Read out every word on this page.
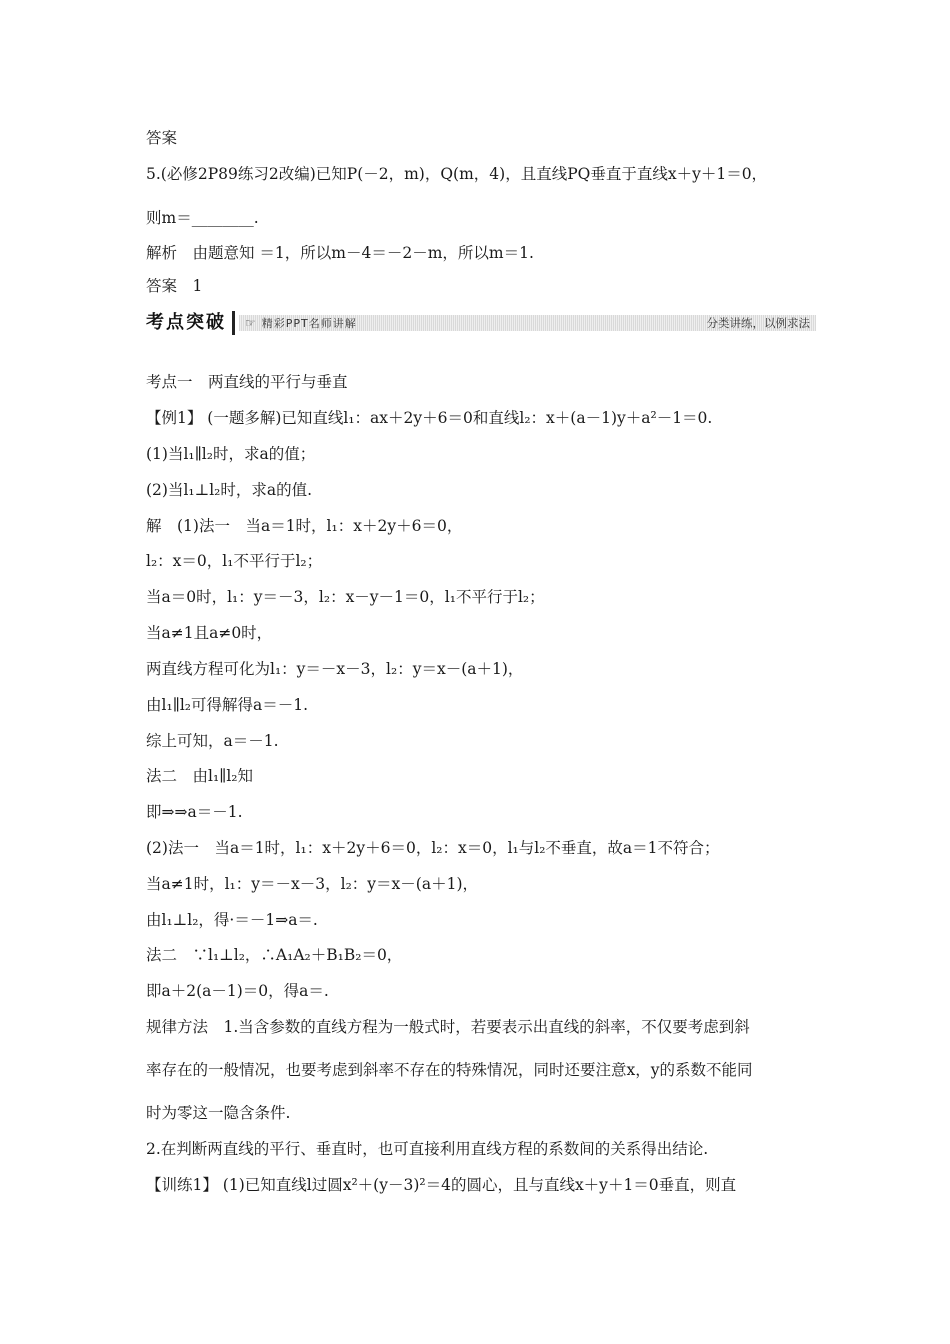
答案
5.(必修2P89练习2改编)已知P(－2，m)，Q(m，4)，且直线PQ垂直于直线x＋y＋1＝0，
则m＝________.
解析　由题意知 ＝1，所以m－4＝－2－m，所以m＝1.
答案　1
考点一　两直线的平行与垂直
【例1】 (一题多解)已知直线l₁：ax＋2y＋6＝0和直线l₂：x＋(a－1)y＋a²－1＝0.
(1)当l₁∥l₂时，求a的值；
(2)当l₁⊥l₂时，求a的值.
解　(1)法一　当a＝1时，l₁：x＋2y＋6＝0，
l₂：x＝0，l₁不平行于l₂；
当a＝0时，l₁：y＝－3，l₂：x－y－1＝0，l₁不平行于l₂；
当a≠1且a≠0时，
两直线方程可化为l₁：y＝－x－3，l₂：y＝x－(a＋1)，
由l₁∥l₂可得解得a＝－1.
综上可知，a＝－1.
法二　由l₁∥l₂知
即⇒⇒a＝－1.
(2)法一　当a＝1时，l₁：x＋2y＋6＝0，l₂：x＝0，l₁与l₂不垂直，故a＝1不符合；
当a≠1时，l₁：y＝－x－3，l₂：y＝x－(a＋1)，
由l₁⊥l₂，得·＝－1⇒a＝.
法二　∵l₁⊥l₂，∴A₁A₂＋B₁B₂＝0，
即a＋2(a－1)＝0，得a＝.
规律方法　1.当含参数的直线方程为一般式时，若要表示出直线的斜率，不仅要考虑到斜
率存在的一般情况，也要考虑到斜率不存在的特殊情况，同时还要注意x，y的系数不能同
时为零这一隐含条件.
2.在判断两直线的平行、垂直时，也可直接利用直线方程的系数间的关系得出结论.
【训练1】 (1)已知直线l过圆x²＋(y－3)²＝4的圆心，且与直线x＋y＋1＝0垂直，则直
考点突破	☞ 精彩PPT名师讲解	分类讲练，以例求法
